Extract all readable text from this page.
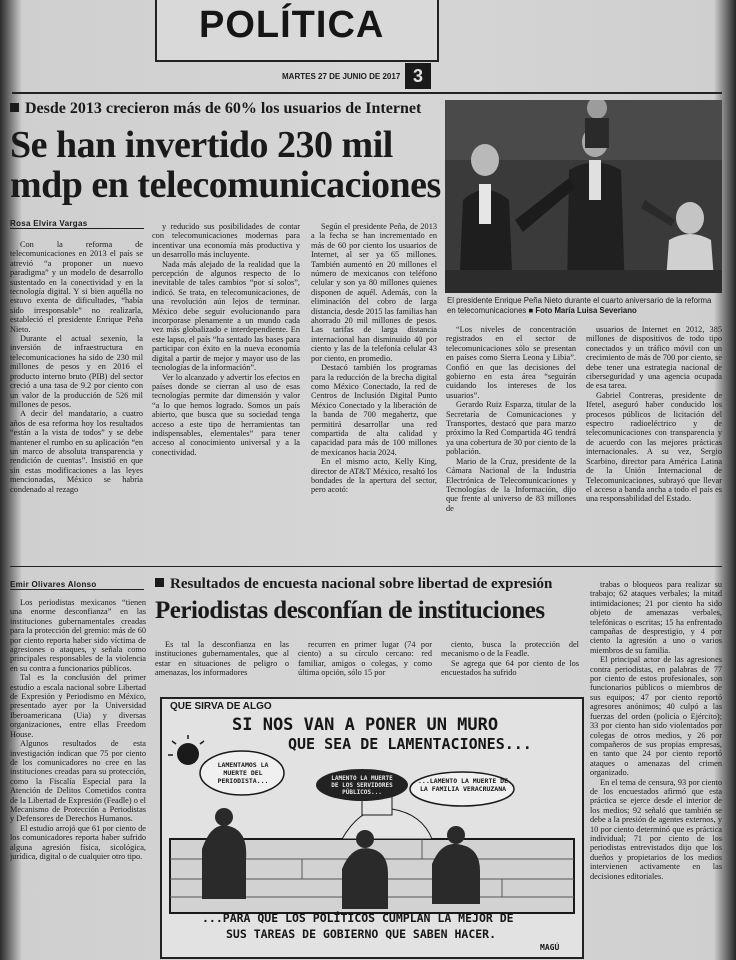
POLÍTICA
MARTES 27 DE JUNIO DE 2017 3
Desde 2013 crecieron más de 60% los usuarios de Internet
Se han invertido 230 mil
mdp en telecomunicaciones
Rosa Elvira Vargas

Con la reforma de telecomunicaciones en 2013 el país se atrevió “a proponer un nuevo paradigma” y un modelo de desarrollo sustentado en la conectividad y en la tecnología digital. Y si bien aquélla no estuvo exenta de dificultades, “había sido irresponsable” no realizarla, estableció el presidente Enrique Peña Nieto.

Durante el actual sexenio, la inversión de infraestructura en telecomunicaciones ha sido de 230 mil millones de pesos y en 2016 el producto interno bruto (PIB) del sector creció a una tasa de 9.2 por ciento con un valor de la producción de 526 mil millones de pesos.

A decir del mandatario, a cuatro años de esa reforma hoy los resultados “están a la vista de todos” y se debe mantener el rumbo en su aplicación “en un marco de absoluta transparencia y rendición de cuentas”. Insistió en que sin estas modificaciones a las leyes mencionadas, México se habría condenado al rezago

y reducido sus posibilidades de contar con telecomunicaciones modernas para incentivar una economía más productiva y un desarrollo más incluyente.

Nada más alejado de la realidad que la percepción de algunos respecto de lo inevitable de tales cambios “por sí solos”, indicó. Se trata, en telecomunicaciones, de una revolución aún lejos de terminar. México debe seguir evolucionando para incorporase plenamente a un mundo cada vez más globalizado e interdependiente. En este lapso, el país “ha sentado las bases para participar con éxito en la nueva economía digital a partir de mejor y mayor uso de las tecnologías de la información”.

Ver lo alcanzado y advertir los efectos en países donde se cierran al uso de esas tecnologías permite dar dimensión y valor “a lo que hemos logrado. Somos un país abierto, que busca que su sociedad tenga acceso a este tipo de herramientas tan indispensables, elementales” para tener acceso al conocimiento universal y a la conectividad.

Según el presidente Peña, de 2013 a la fecha se han incrementado en más de 60 por ciento los usuarios de Internet, al ser ya 65 millones. También aumentó en 20 millones el número de mexicanos con teléfono celular y son ya 80 millones quienes disponen de aquél. Además, con la eliminación del cobro de larga distancia, desde 2015 las familias han ahorrado 20 mil millones de pesos. Las tarifas de larga distancia internacional han disminuido 40 por ciento y las de la telefonía celular 43 por ciento, en promedio.

Destacó también los programas para la reducción de la brecha digital como México Conectado, la red de Centros de Inclusión Digital Punto México Conectado y la liberación de la banda de 700 megahertz, que permitirá desarrollar una red compartida de alta calidad y capacidad para más de 100 millones de mexicanos hacia 2024.

En el mismo acto, Kelly King, director de AT&T México, resaltó los bondades de la apertura del sector, pero acotó:

“Los niveles de concentración registrados en el sector de telecomunicaciones sólo se presentan en países como Sierra Leona y Libia”. Confió en que las decisiones del gobierno en esta área “seguirán cuidando los intereses de los usuarios”.

Gerardo Ruiz Esparza, titular de la Secretaría de Comunicaciones y Transportes, destacó que para marzo próximo la Red Compartida 4G tendrá ya una cobertura de 30 por ciento de la población.

Mario de la Cruz, presidente de la Cámara Nacional de la Industria Electrónica de Telecomunicaciones y Tecnologías de la Información, dijo que frente al universo de 83 millones de

usuarios de Internet en 2012, 385 millones de dispositivos de todo tipo conectados y un tráfico móvil con un crecimiento de más de 700 por ciento, se debe tener una estrategia nacional de ciberseguridad y una agencia ocupada de esa tarea.

Gabriel Contreras, presidente de Ifetel, aseguró haber conducido los procesos públicos de licitación del espectro radioeléctrico y de telecomunicaciones con transparencia y de acuerdo con las mejores prácticas internacionales. A su vez, Sergio Scarbino, director para América Latina de la Unión Internacional de Telecomunicaciones, subrayó que llevar el acceso a banda ancha a todo el país es una responsabilidad del Estado.

El presidente Enrique Peña Nieto durante el cuarto aniversario de la reforma en telecomunicaciones ■ Foto María Luisa Severiano
Emir Olivares Alonso	Resultados de encuesta nacional sobre libertad de expresión
Periodistas desconfían de instituciones

Los periodistas mexicanos “tienen una enorme desconfianza” en las instituciones gubernamentales creadas para la protección del gremio: más de 60 por ciento reporta haber sido víctima de agresiones o ataques, y señala como principales responsables de la violencia en su contra a funcionarios públicos.

Tal es la conclusión del primer estudio a escala nacional sobre Libertad de Expresión y Periodismo en México, presentado ayer por la Universidad Iberoamericana (Uia) y diversas organizaciones, entre ellas Freedom House.

Algunos resultados de esta investigación indican que 75 por ciento de los comunicadores no cree en las instituciones creadas para su protección, como la Fiscalía Especial para la Atención de Delitos Cometidos contra de la Libertad de Expresión (Feadle) o el Mecanismo de Protección a Periodistas y Defensores de Derechos Humanos.

El estudio arrojó que 61 por ciento de los comunicadores reporta haber sufrido alguna agresión física, sicológica, jurídica, digital o de cualquier otro tipo.

Es tal la desconfianza en las instituciones gubernamentales, que al estar en situaciones de peligro o amenazas, los informadores

recurren en primer lugar (74 por ciento) a su círculo cercano: red familiar, amigos o colegas, y como última opción, sólo 15 por

ciento, busca la protección del mecanismo o de la Feadle.

Se agrega que 64 por ciento de los encuestados ha sufrido

trabas o bloqueos para realizar su trabajo; 62 ataques verbales; la mitad intimidaciones; 21 por ciento ha sido objeto de amenazas verbales, telefónicas o escritas; 15 ha enfrentado campañas de desprestigio, y 4 por ciento la agresión a uno o varios miembros de su familia.

El principal actor de las agresiones contra periodistas, en palabras de 77 por ciento de estos profesionales, son funcionarios públicos o miembros de sus equipos; 47 por ciento reportó agresores anónimos; 40 culpó a las fuerzas del orden (policía o Ejército); 33 por ciento han sido violentados por colegas de otros medios, y 26 por compañeros de sus propias empresas, en tanto que 24 por ciento reportó ataques o amenazas del crimen organizado.

En el tema de censura, 93 por ciento de los encuestados afirmó que esta práctica se ejerce desde el interior de los medios; 92 señaló que también se debe a la presión de agentes externos, y 10 por ciento determinó que es práctica individual; 71 por ciento de los periodistas entrevistados dijo que los dueños y propietarios de los medios intervienen activamente en las decisiones editoriales.

QUE SIRVA DE ALGO
SI NOS VAN A PONER UN MURO
QUE SEA DE LAMENTACIONES...
LAMENTAMOS LA MUERTE DEL PERIODISTA...	LAMENTO LA MUERTE DE LOS SERVIDORES PÚBLICOS...
...LAMENTO LA MUERTE DE LA FAMILIA VERACRUZANA
...PARA QUE LOS POLÍTICOS CUMPLAN LA MEJOR DE
SUS TAREAS DE GOBIERNO QUE SABEN HACER.
MAGÚ
